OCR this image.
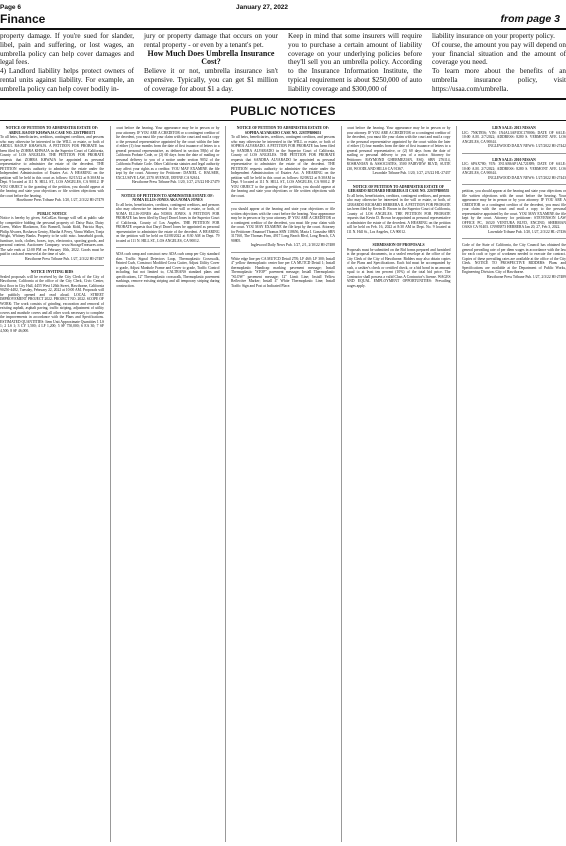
Page 6	January 27, 2022
Finance	from page 3
property damage. If you're sued for slander, libel, pain and suffering, or lost wages, an umbrella policy can help cover damages and legal fees.
4) Landlord liability helps protect owners of rental units against liability. For example, an umbrella policy can help cover bodily in-
jury or property damage that occurs on your rental property - or even by a tenant's pet.
How Much Does Umbrella Insurance Cost?
Believe it or not, umbrella insurance isn't expensive. Typically, you can get $1 million of coverage for about $1 a day.
Keep in mind that some insurers will require you to purchase a certain amount of liability coverage on your underlying policies before they'll sell you an umbrella policy. According to the Insurance Information Institute, the typical requirement is about $250,000 of auto liability coverage and $300,000 of
liability insurance on your property policy.
Of course, the amount you pay will depend on your financial situation and the amount of coverage you need.
To learn more about the benefits of an umbrella insurance policy, visit https://usaa.com/umbrella.
PUBLIC NOTICES
NOTICE OF PETITION TO ADMINISTER ESTATE OF: ABDUL RAOUF KHAWAJA CASE NO. 22STPB01171
To all heirs, beneficiaries, creditors, contingent creditors, and persons who may otherwise be interested in the WILL or estate, or both of ABDUL RAOUF KHAWAJA. A PETITION FOR PROBATE has been filed by ZOHRA KHWAJA in the Superior Court of California, County of LOS ANGELES. THE PETITION FOR PROBATE requests that ZOHRA KHWAJA be appointed as personal representative to administer the estate of the decedent. THE PETITION requests authority to administer the estate under the Independent Administration of Estates Act. A HEARING on the petition will be held in this court as follows: 02/15/22 at 8:30AM in Dept. 9 located at 111 N. HILL ST., LOS ANGELES, CA 90012. IF YOU OBJECT to the granting of the petition, you should appear at the hearing and state your objections or file written objections with the court before the hearing.
Hawthorne Press Tribune Pub. 1/20, 1/27, 2/3/22 HI-27479
PUBLIC NOTICE
Notice is hereby by given, SoCalGas Storage will sell at public sale by competitive bidding the personal property of: Daisy Ruiz, Daisy Green, Walter Blackmon, Eric Bonnell, Isaiah Kidd, Patricia Hays, Philip Alvarez, Roshawn Gentry, Martha A Perry, Vinna Walker, Tonja Wright, Whitney Banks. Property to be sold: misc. household goods, furniture, tools, clothes, boxes, toys, electronics, sporting goods, and personal content. Auctioneer Company: www.StorageTreasures.com. The sale ends at 12:00 PM on February 10th, 2022. Goods must be paid in cash and removed at the time of sale.
Hawthorne Press Tribune Pub. 1/27, 2/3/22 HI-27487
NOTICE INVITING BIDS
Sealed proposals will be received by the City Clerk of the City of Hawthorne, California at the office of the City Clerk, Civic Center, first floor in City Hall, 4455 West 126th Street, Hawthorne, California 90250-4482, Tuesday, February 22, 2022 at 10:00 AM. Proposals will be publicly opened and read aloud. LOCAL STREET IMPROVEMENT PROJECT 2022. PROJECT NO. 2022. SCOPE OF WORK: The work consists of grinding, excavation and removal of existing asphalt, asphalt paving, traffic striping, adjustment of utility covers and manhole covers and all other work necessary to complete the improvements in accordance with the Plans and Specifications. ESTIMATED QUANTITIES: Item Unit Approximate Quantities 1 LS 1; 2 LS 1; 3 CY 1,500; 4 LF 1,200; 5 SF 750,000; 6 EA 30; 7 SF 4,500; 8 SF 46,000.
court before the hearing. Your appearance may be in person or by your attorney. IF YOU ARE A CREDITOR or a contingent creditor of the decedent, you must file your claim with the court and mail a copy to the personal representative appointed by the court within the later of either (1) four months from the date of first issuance of letters to a general personal representative, as defined in section 58(b) of the California Probate Code, or (2) 60 days from the date of mailing or personal delivery to you of a notice under section 9052 of the California Probate Code. Other California statutes and legal authority may affect your rights as a creditor. YOU MAY EXAMINE the file kept by the court. Attorney for Petitioner: DANIEL C. HAUSER, EXCLUSIVE LAW, 2570 AVENUE, IRVINE CA 92614.
Hawthorne Press Tribune Pub. 1/20, 1/27, 2/3/22 HI-27479
NOTICE OF PETITION TO ADMINISTER ESTATE OF: NOMA ELLIS-JONES AKA NOMA JONES
To all heirs, beneficiaries, creditors, contingent creditors, and persons who may otherwise be interested in the will or estate, or both, of NOMA ELLIS-JONES aka NOMA JONES. A PETITION FOR PROBATE has been filed by Daryl Donel Jones in the Superior Court of California, County of Los Angeles. THE PETITION FOR PROBATE requests that Daryl Donel Jones be appointed as personal representative to administer the estate of the decedent. A HEARING on the petition will be held on 02/08/2022 at 8:30 AM in Dept. 79 located at 111 N. HILL ST., LOS ANGELES, CA 90012.
ADA curb ramp and construct new ADA curb ramp per City standard plan. Traffic Signal Detectors Loop, Thermoplastic Crosswalk, Painted Curb, Construct Modified Cross Gutter, Adjust Utility Cover to grade, Adjust Manhole Frame and Cover to grade, Traffic Control including, but not limited to, CALTRANS standard plans and specifications, 12" Thermoplastic crosswalk, Thermoplastic pavement markings, remove existing striping and all temporary striping during construction.
NOTICE OF PETITION TO ADMINISTER ESTATE OF: SOPHIA ALVARADO CASE NO. 22STPB00651
To all heirs, beneficiaries, creditors, contingent creditors, and persons who may otherwise be interested in the WILL or estate, or both of SOPHIA ALVARADO. A PETITION FOR PROBATE has been filed by SANDRA ALVARADO in the Superior Court of California, County of LOS ANGELES. THE PETITION FOR PROBATE requests that SANDRA ALVARADO be appointed as personal representative to administer the estate of the decedent. THE PETITION requests authority to administer the estate under the Independent Administration of Estates Act. A HEARING on the petition will be held in this court as follows: 02/08/22 at 8:30AM in Dept. 9 located at 111 N. HILL ST., LOS ANGELES, CA 90012. IF YOU OBJECT to the granting of the petition, you should appear at the hearing and state your objections or file written objections with the court.
you should appear at the hearing and state your objections or file written objections with the court before the hearing. Your appearance may be in person or by your attorney. IF YOU ARE A CREDITOR or a contingent creditor of the decedent, you must file your claim with the court. YOU MAY EXAMINE the file kept by the court. Attorney for Petitioner: Emanuel Thomas SBN 118656, Maria I. Gonzalez SBN 317160, The Thomas Firm, 4917 Long Beach Blvd, Long Beach, CA 90805.
Inglewood Daily News Pub. 1/27, 2/1, 2/10/22 HI-27488
White edge line per CA MUTCD Detail 27B; LF 460; LF 300; Install 4" yellow thermoplastic center line per CA MUTCD Detail 1; Install thermoplastic Handicap marking pavement message; Install Thermoplastic "STOP" pavement message; Install Thermoplastic "SLOW" pavement message; 12" Limit Line; Install Yellow Reflective Marker; Install 4" White Thermoplastic Line; Install Traffic Sign and Post at Indicated Place.
court before the hearing. Your appearance may be in person or by your attorney. IF YOU ARE A CREDITOR or a contingent creditor of the decedent, you must file your claim with the court and mail a copy to the personal representative appointed by the court within the later of either (1) four months from the date of first issuance of letters to a general personal representative, or (2) 60 days from the date of mailing or personal delivery to you of a notice. Attorney for Petitioner: RAYMOND GHERMEZIAN, ESQ. SBN 276114, ROSHANIAN & ASSOCIATES, 3500 FAIRVIEW BLVD, SUITE 230, WOODLAND HILLS CA 91367.
Lawndale Tribune Pub. 1/20, 1/27, 2/3/22 HL-27437
NOTICE OF PETITION TO ADMINISTER ESTATE OF GERARDO RICHARD HERRERA II CASE NO. 22STPB00555
To all heirs, beneficiaries, creditors, contingent creditors, and persons who may otherwise be interested in the will or estate, or both, of GERARDO RICHARD HERRERA II. A PETITION FOR PROBATE has been filed by Kevin D. Brown in the Superior Court of California, County of LOS ANGELES. THE PETITION FOR PROBATE requests that Kevin D. Brown be appointed as personal representative to administer the estate of the decedent. A HEARING on the petition will be held on Feb. 16, 2022 at 8:30 AM in Dept. No. 9 located at 111 N. Hill St., Los Angeles, CA 90012.
SUBMISSION OF PROPOSALS
Proposals must be submitted on the Bid forms prepared and furnished in the proposal documents, in a sealed envelope at the office of the City Clerk of the City of Hawthorne. Bidders may also obtain copies of the Plans and Specifications. Each bid must be accompanied by cash, a cashier's check or certified check, or a bid bond in an amount equal to at least ten percent (10%) of the total bid price. The Contractor shall possess a valid Class A Contractor's license. WAGES AND EQUAL EMPLOYMENT OPPORTUNITIES: Prevailing wages apply.
LIEN SALE: 2013 NISSAN
LIC: 7NKT856; VIN: 1N4AL3AP1DC178006; DATE OF SALE: 10:00 A.M. 2/7/2022; ADDRESS: 8280 S. VERMONT AVE. LOS ANGELES, CA 90044.
INGLEWOOD DAILY NEWS: 1/27/2022 HI-27442
LIEN SALE: 2010 NISSAN
LIC: 6PAX780; VIN: 3N1AB6AP1AL721889; DATE OF SALE: 10:00 A.M. 2/7/2022; ADDRESS: 8280 S. VERMONT AVE. LOS ANGELES, CA 90044.
INGLEWOOD DAILY NEWS: 1/27/2022 HI-27443
petition, you should appear at the hearing and state your objections or file written objections with the court before the hearing. Your appearance may be in person or by your attorney. IF YOU ARE A CREDITOR or a contingent creditor of the decedent, you must file your claim with the court and mail a copy to the personal representative appointed by the court. YOU MAY EXAMINE the file kept by the court. Attorney for petitioner: STEVENSON LAW OFFICE PC, 16520 VENTURA BLVD, ENCINO, SHERMAN OAKS CA 91403. CN983873 HERRERA Jan 20, 27, Feb 3, 2022.
Lawndale Tribune Pub. 1/20, 1/27, 2/3/22 HL-27436
Code of the State of California, the City Council has obtained the general prevailing rate of per diem wages in accordance with the law for each craft or type of workmen needed to execute the contract. Copies of these prevailing rates are available at the office of the City Clerk. NOTICE TO PROSPECTIVE BIDDERS: Plans and Specifications are available at the Department of Public Works, Engineering Division. City of Hawthorne.
Hawthorne Press Tribune Pub. 1/27, 2/3/22 HI-27489
